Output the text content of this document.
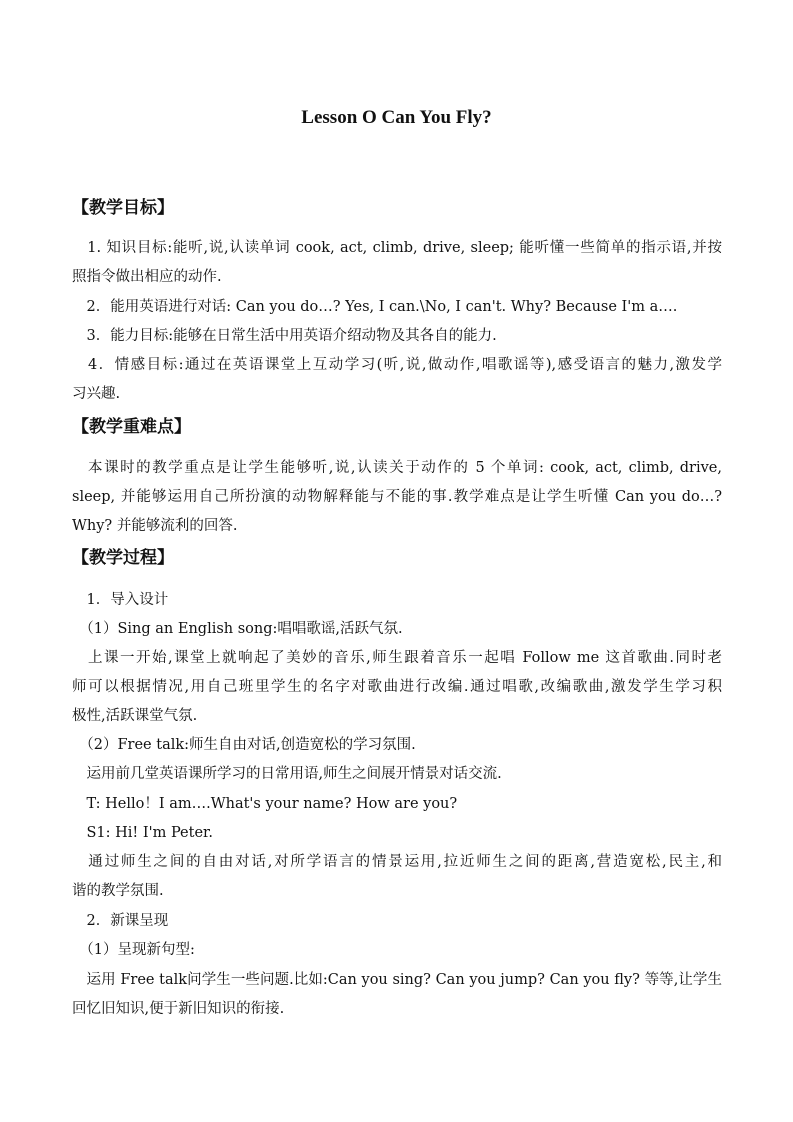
Lesson O Can You Fly?
【教学目标】
　1. 知识目标:能听,说,认读单词 cook, act, climb, drive, sleep; 能听懂一些简单的指示语,并按
照指令做出相应的动作.
　2．能用英语进行对话: Can you do…? Yes, I can.\No, I can't. Why? Because I'm a….
　3．能力目标:能够在日常生活中用英语介绍动物及其各自的能力.
　4．情感目标:通过在英语课堂上互动学习(听,说,做动作,唱歌谣等),感受语言的魅力,激发学
习兴趣.
【教学重难点】
　本课时的教学重点是让学生能够听,说,认读关于动作的 5 个单词: cook, act, climb, drive,
sleep, 并能够运用自己所扮演的动物解释能与不能的事.教学难点是让学生听懂 Can you do…?
Why? 并能够流利的回答.
【教学过程】
　1．导入设计
　（1）Sing an English song:唱唱歌谣,活跃气氛.
　上课一开始,课堂上就响起了美妙的音乐,师生跟着音乐一起唱 Follow me 这首歌曲.同时老
师可以根据情况,用自己班里学生的名字对歌曲进行改编.通过唱歌,改编歌曲,激发学生学习积
极性,活跃课堂气氛.
　（2）Free talk:师生自由对话,创造宽松的学习氛围.
　运用前几堂英语课所学习的日常用语,师生之间展开情景对话交流.
　T: Hello！I am….What's your name? How are you?
　S1: Hi! I'm Peter.
　通过师生之间的自由对话,对所学语言的情景运用,拉近师生之间的距离,营造宽松,民主,和
谐的教学氛围.
　2．新课呈现
　（1）呈现新句型:
　运用 Free talk问学生一些问题.比如:Can you sing? Can you jump? Can you fly? 等等,让学生
回忆旧知识,便于新旧知识的衔接.
